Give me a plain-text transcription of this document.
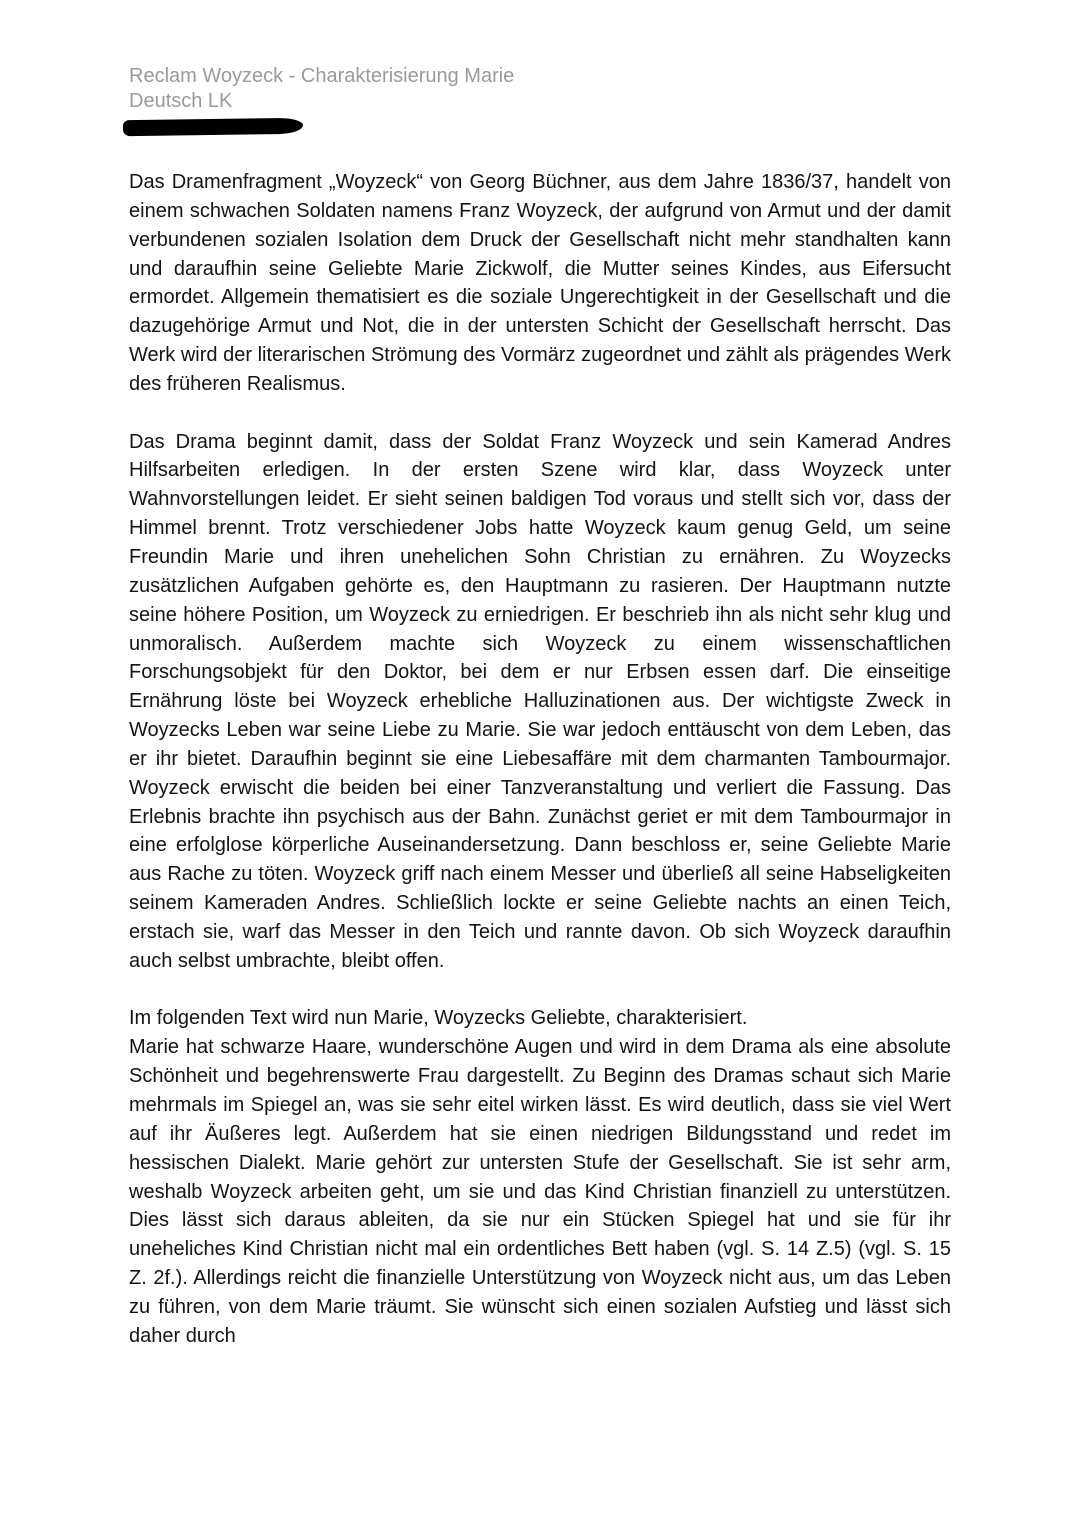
Reclam Woyzeck - Charakterisierung Marie
Deutsch LK

Das Dramenfragment „Woyzeck“ von Georg Büchner, aus dem Jahre 1836/37, handelt von einem schwachen Soldaten namens Franz Woyzeck, der aufgrund von Armut und der damit verbundenen sozialen Isolation dem Druck der Gesellschaft nicht mehr standhalten kann und daraufhin seine Geliebte Marie Zickwolf, die Mutter seines Kindes, aus Eifersucht ermordet. Allgemein thematisiert es die soziale Ungerechtigkeit in der Gesellschaft und die dazugehörige Armut und Not, die in der untersten Schicht der Gesellschaft herrscht. Das Werk wird der literarischen Strömung des Vormärz zugeordnet und zählt als prägendes Werk des früheren Realismus.

Das Drama beginnt damit, dass der Soldat Franz Woyzeck und sein Kamerad Andres Hilfsarbeiten erledigen. In der ersten Szene wird klar, dass Woyzeck unter Wahnvorstellungen leidet. Er sieht seinen baldigen Tod voraus und stellt sich vor, dass der Himmel brennt. Trotz verschiedener Jobs hatte Woyzeck kaum genug Geld, um seine Freundin Marie und ihren unehelichen Sohn Christian zu ernähren. Zu Woyzecks zusätzlichen Aufgaben gehörte es, den Hauptmann zu rasieren. Der Hauptmann nutzte seine höhere Position, um Woyzeck zu erniedrigen. Er beschrieb ihn als nicht sehr klug und unmoralisch. Außerdem machte sich Woyzeck zu einem wissenschaftlichen Forschungsobjekt für den Doktor, bei dem er nur Erbsen essen darf. Die einseitige Ernährung löste bei Woyzeck erhebliche Halluzinationen aus. Der wichtigste Zweck in Woyzecks Leben war seine Liebe zu Marie. Sie war jedoch enttäuscht von dem Leben, das er ihr bietet. Daraufhin beginnt sie eine Liebesaffäre mit dem charmanten Tambourmajor. Woyzeck erwischt die beiden bei einer Tanzveranstaltung und verliert die Fassung. Das Erlebnis brachte ihn psychisch aus der Bahn. Zunächst geriet er mit dem Tambourmajor in eine erfolglose körperliche Auseinandersetzung. Dann beschloss er, seine Geliebte Marie aus Rache zu töten. Woyzeck griff nach einem Messer und überließ all seine Habseligkeiten seinem Kameraden Andres. Schließlich lockte er seine Geliebte nachts an einen Teich, erstach sie, warf das Messer in den Teich und rannte davon. Ob sich Woyzeck daraufhin auch selbst umbrachte, bleibt offen.

Im folgenden Text wird nun Marie, Woyzecks Geliebte, charakterisiert.

Marie hat schwarze Haare, wunderschöne Augen und wird in dem Drama als eine absolute Schönheit und begehrenswerte Frau dargestellt. Zu Beginn des Dramas schaut sich Marie mehrmals im Spiegel an, was sie sehr eitel wirken lässt. Es wird deutlich, dass sie viel Wert auf ihr Äußeres legt. Außerdem hat sie einen niedrigen Bildungsstand und redet im hessischen Dialekt. Marie gehört zur untersten Stufe der Gesellschaft. Sie ist sehr arm, weshalb Woyzeck arbeiten geht, um sie und das Kind Christian finanziell zu unterstützen. Dies lässt sich daraus ableiten, da sie nur ein Stücken Spiegel hat und sie für ihr uneheliches Kind Christian nicht mal ein ordentliches Bett haben (vgl. S. 14 Z.5) (vgl. S. 15 Z. 2f.). Allerdings reicht die finanzielle Unterstützung von Woyzeck nicht aus, um das Leben zu führen, von dem Marie träumt. Sie wünscht sich einen sozialen Aufstieg und lässt sich daher durch
